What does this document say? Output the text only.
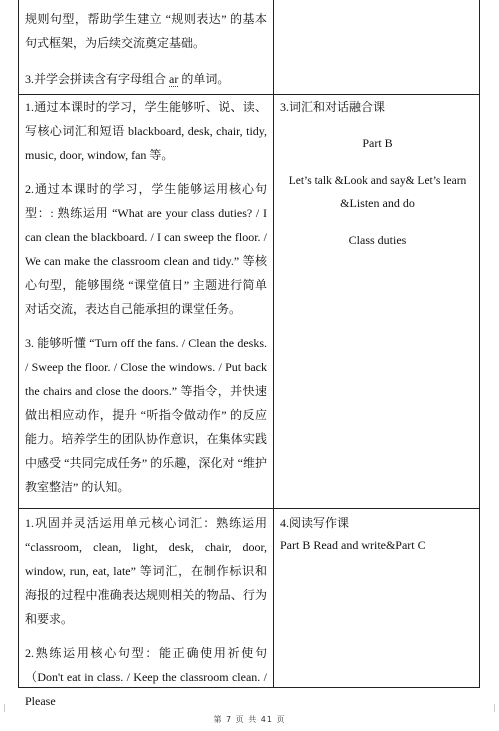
规则句型，帮助学生建立 “规则表达” 的基本句式框架，为后续交流奠定基础。

3.并学会拼读含有字母组合 ar 的单词。

1.通过本课时的学习，学生能够听、说、读、写核心词汇和短语 blackboard, desk, chair, tidy, music, door, window, fan 等。

2.通过本课时的学习，学生能够运用核心句型：: 熟练运用 “What are your class duties? / I can clean the blackboard. / I can sweep the floor. / We can make the classroom clean and tidy.” 等核心句型，能够围绕 “课堂值日” 主题进行简单对话交流，表达自己能承担的课堂任务。

3. 能够听懂 “Turn off the fans. / Clean the desks. / Sweep the floor. / Close the windows. / Put back the chairs and close the doors.” 等指令，并快速做出相应动作，提升 “听指令做动作” 的反应能力。培养学生的团队协作意识，在集体实践中感受 “共同完成任务” 的乐趣，深化对 “维护教室整洁” 的认知。

3.词汇和对话融合课

Part B

Let’s talk &Look and say& Let’s learn

&Listen and do

Class duties

1.巩固并灵活运用单元核心词汇：熟练运用 “classroom, clean, light, desk, chair, door, window, run, eat, late” 等词汇，在制作标识和海报的过程中准确表达规则相关的物品、行为和要求。

2.熟练运用核心句型：能正确使用祈使句（Don't eat in class. / Keep the classroom clean. / Please

4.阅读写作课

Part B Read and write&Part C

第 7 页 共 41 页
